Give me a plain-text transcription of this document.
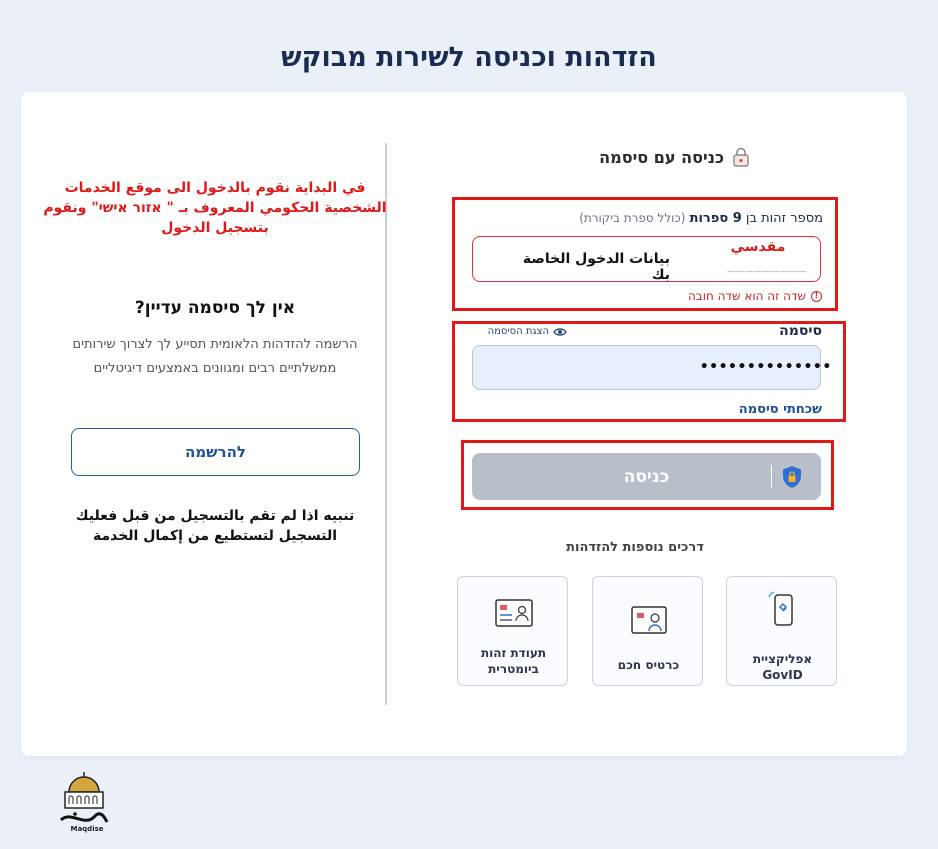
הזדהות וכניסה לשירות מבוקש
כניסה עם סיסמה
מספר זהות בן 9 ספרות (כולל ספרת ביקורת)
_________
مقدسي
بيانات الدخول الخاصة بك
!
שדה זה הוא שדה חובה
סיסמה
הצגת הסיסמה
••••••••••••••
שכחתי סיסמה
כניסה
דרכים נוספות להזדהות
אפליקציית GovID
כרטיס חכם
תעודת זהות ביומטרית
في البداية نقوم بالدخول الى موقع الخدمات الشخصية الحكومي المعروف بـ " אזור אישי" ونقوم بتسجيل الدخول
אין לך סיסמה עדיין?
הרשמה להזדהות הלאומית תסייע לך לצרוך שירותים ממשלתיים רבים ומגוונים באמצעים דיגיטליים
להרשמה
تنبيه اذا لم تقم بالتسجيل من قبل فعليك التسجيل لتستطيع من إكمال الخدمة
Maqdise
